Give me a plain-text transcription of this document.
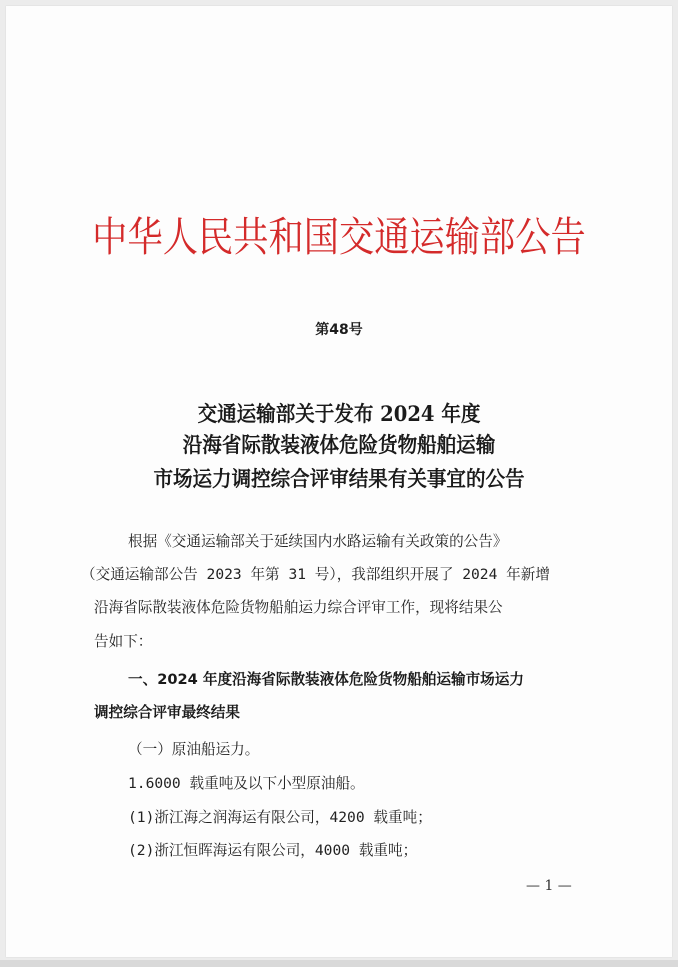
中华人民共和国交通运输部公告
第48号
交通运输部关于发布 2024 年度
沿海省际散装液体危险货物船舶运输
市场运力调控综合评审结果有关事宜的公告
根据《交通运输部关于延续国内水路运输有关政策的公告》
（交通运输部公告 2023 年第 31 号），我部组织开展了 2024 年新增
沿海省际散装液体危险货物船舶运力综合评审工作，现将结果公
告如下：
一、2024 年度沿海省际散装液体危险货物船舶运输市场运力
调控综合评审最终结果
（一）原油船运力。
1.6000 载重吨及以下小型原油船。
(1)浙江海之润海运有限公司，4200 载重吨；
(2)浙江恒晖海运有限公司，4000 载重吨；
— 1 —
